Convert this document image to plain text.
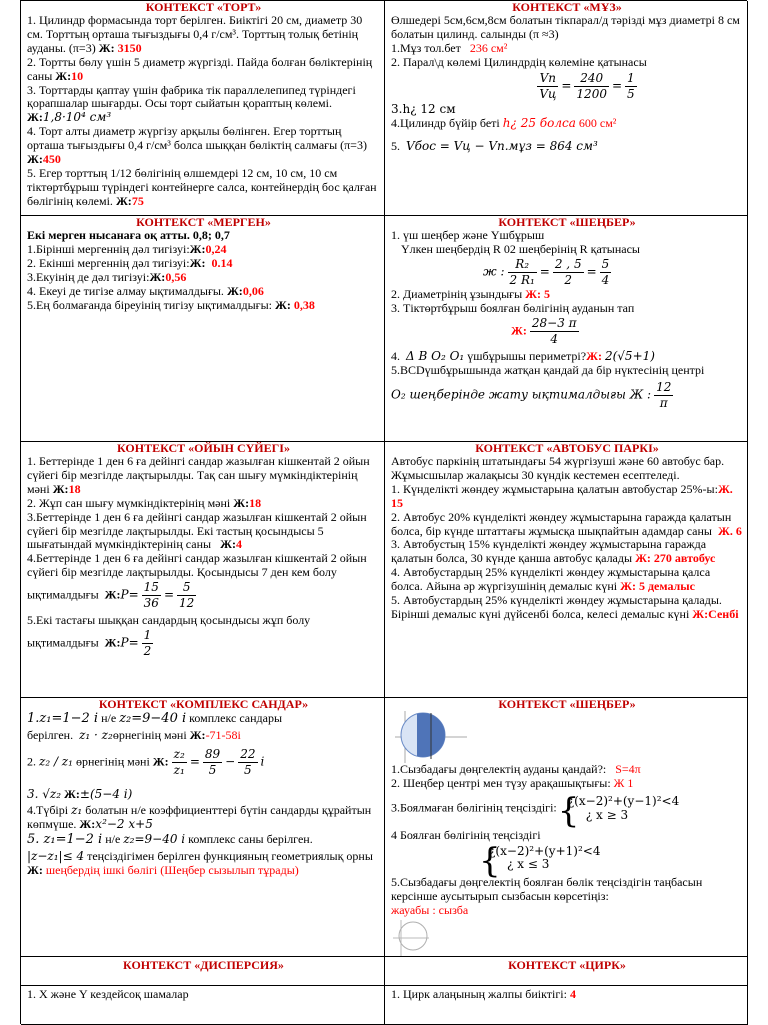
КОНТЕКСТ «ТОРТ»

1. Цилиндр формасында торт берілген. Биіктігі 20 см, диаметр 30 см. Торттың орташа тығыздығы 0,4 г/см³. Торттың толық бетінің ауданы. (π=3) Ж: 3150

2. Тортты бөлу үшін 5 диаметр жүргізді. Пайда болған бөліктерінің саны Ж:10

3. Торттарды қаптау үшін фабрика тік параллелепипед түріндегі қорапшалар шығарды. Осы торт сыйатын қораптың көлемі. Ж:1,8·10⁴ см³

4. Торт алты диаметр жүргізу арқылы бөлінген. Егер торттың орташа тығыздығы 0,4 г/см³ болса шыққан бөліктің салмағы (π=3) Ж:450

5. Егер торттың 1/12 бөлігінің өлшемдері 12 см, 10 см, 10 см тіктөртбұрыш түріндегі контейнерге салса, контейнердің бос қалған бөлігінің көлемі. Ж:75

КОНТЕКСТ «МҰЗ»

Өлшедері 5см,6см,8см болатын тікпарал/д тәрізді мұз диаметрі 8 см болатын цилинд. салынды (π ≈3)

1.Мұз тол.бет 236 см²

2. Парал\д көлемі Цилиндрдің көлеміне қатынасы

$\frac{Vп}{Vц} = \frac{240}{1200} = \frac{1}{5}$

3.h¿ 12 см

4.Цилиндр бүйір беті h¿ 25 болса 600 см²

5. Vбос = Vц − Vп.мұз = 864 см³

КОНТЕКСТ «МЕРГЕН»

Екі мерген нысанаға оқ атты. 0,8; 0,7

1.Біріншi мергеннің дәл тигізуі:Ж:0,24

2. Екінші мергеннің дәл тигізуі:Ж: 0.14

3.Екуінің де дәл тигізуі:Ж:0,56

4. Екеуі де тигізе алмау ықтималдығы. Ж:0,06

5.Ең болмағанда біреуінің тигізу ықтималдығы: Ж: 0,38

КОНТЕКСТ «ШЕҢБЕР»

1. үш шеңбер және Үшбұрыш

Үлкен шеңбердің R 02 шеңберінің R қатынасы

ж : $\frac{\text{R₂}}{\text{2 R₁}} = \frac{2 , 5}{2} = \frac{5}{4}$

2. Диаметрінің ұзындығы Ж: 5

3. Тіктөртбұрыш боялған бөлігінің ауданын тап

Ж: $\frac{28-3 \pi}{4}$

4. Δ B O₂ O₁ үшбұрышы периметрі?Ж: 2(√5+1)

5.BCDүшбұрышында жатқан қандай да бір нүктесінің центрі

O₂ шеңберінде жату ықтималдығы Ж : $\frac{12}{\pi}$
КОНТЕКСТ «ОЙЫН СҮЙЕГІ»

1. Беттерінде 1 ден 6 ға дейінгі сандар жазылған кішкентай 2 ойын сүйегі бір мезгілде лақтырылды. Тақ сан шығу мүмкіндіктерінің мәні Ж:18

2. Жұп сан шығу мүмкіндіктерінің мәні Ж:18

3.Беттерінде 1 ден 6 ға дейінгі сандар жазылған кішкентай 2 ойын сүйегі бір мезгілде лақтырылды. Екі тастың қосындысы 5 шығатындай мүмкіндіктерінің саны Ж:4

4.Беттерінде 1 ден 6 ға дейінгі сандар жазылған кішкентай 2 ойын сүйегі бір мезгілде лақтырылды. Қосындысы 7 ден кем болу

ықтималдығы Ж:P= $\frac{15}{36} = \frac{5}{12}$

5.Екі тастағы шыққан сандардың қосындысы жұп болу

ықтималдығы Ж:P= $\frac{1}{2}$
КОНТЕКСТ «АВТОБУС ПАРКІ»

Автобус паркінің штатындағы 54 жүргізуші және 60 автобус бар. Жұмысшылар жалақысы 30 күндік кестемен есептеледі.

1. Күнделікті жөндеу жұмыстарына қалатын автобустар 25%-ы:Ж. 15

2. Автобус 20% күнделікті жөндеу жұмыстарына гаражда қалатын болса, бір күнде штаттағы жұмысқа шықпайтын адамдар саны Ж. 6

3. Автобустың 15% күнделікті жөндеу жұмыстарына гаражда қалатын болса, 30 күнде қанша автобус қалады Ж: 270 автобус

4. Автобустардың 25% күнделікті жөндеу жұмыстарына қалса болса. Айына әр жүргізушінің демалыс күні Ж: 5 демалыс

5. Автобустардың 25% күнделікті жөндеу жұмыстарына қалады. Бірінші демалыс күні дүйсенбі болса, келесі демалыс күні Ж:Сенбі

КОНТЕКСТ «КОМПЛЕКС САНДАР»

1.z₁=1−2 i н/е z₂=9−40 i комплекс сандары

берілген. z₁ · z₂өрнегінің мәні Ж:-71-58i

2. z₂ / z₁ өрнегінің мәні Ж: $\frac{\text{z₂}}{\text{z₁}} = \frac{89}{5} - \frac{22}{5}$ i

3. √z₂ Ж:±(5−4 i)

4.Түбірі z₁ болатын н/е коэффициенттері бүтін сандарды құрайтын көпмүше. Ж:x²−2 x+5

5. z₁=1−2 i н/е z₂=9−40 i комплекс саны берілген.

|z−z₁|≤ 4 теңсіздігімен берілген функцияның геометриялық орны Ж: шеңбердің ішкі бөлігі (Шеңбер сызылып тұрады)

КОНТЕКСТ «ШЕҢБЕР»

1.Сызбадағы дөңгелектің ауданы қандай?: S=4π

2. Шеңбер центрі мен түзу арақашықтығы: Ж 1

3.Боялмаған бөлігінің теңсіздігі:
{ ¿(x−2)²+(y−1)²<4
¿ x ≥ 3

4 Боялған бөлігінің теңсіздігі

{ ¿(x−2)²+(y+1)²<4
¿ x ≤ 3

5.Сызбадағы дөңгелектің боялған бөлік теңсіздігін таңбасын керсінше аусытырып сызбасын көрсетіңіз:

жауабы : сызба

КОНТЕКСТ «ДИСПЕРСИЯ»

1. X және Y кездейсоқ шамалар

КОНТЕКСТ «ЦИРК»

1. Цирк алаңының жалпы биіктігі: 4
